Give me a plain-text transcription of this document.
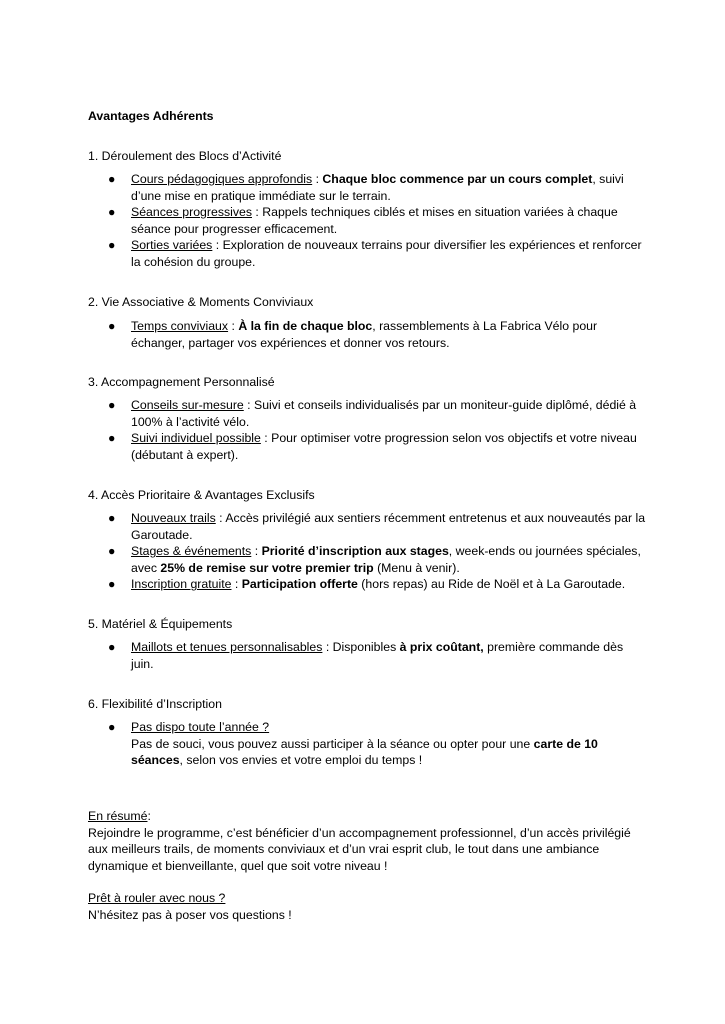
Avantages Adhérents
1. Déroulement des Blocs d’Activité
● Cours pédagogiques approfondis : Chaque bloc commence par un cours complet, suivi d’une mise en pratique immédiate sur le terrain.
● Séances progressives : Rappels techniques ciblés et mises en situation variées à chaque séance pour progresser efficacement.
● Sorties variées : Exploration de nouveaux terrains pour diversifier les expériences et renforcer la cohésion du groupe.
2. Vie Associative & Moments Conviviaux
● Temps conviviaux : À la fin de chaque bloc, rassemblements à La Fabrica Vélo pour échanger, partager vos expériences et donner vos retours.
3. Accompagnement Personnalisé
● Conseils sur-mesure : Suivi et conseils individualisés par un moniteur-guide diplômé, dédié à 100% à l’activité vélo.
● Suivi individuel possible : Pour optimiser votre progression selon vos objectifs et votre niveau (débutant à expert).
4. Accès Prioritaire & Avantages Exclusifs
● Nouveaux trails : Accès privilégié aux sentiers récemment entretenus et aux nouveautés par la Garoutade.
● Stages & événements : Priorité d’inscription aux stages, week-ends ou journées spéciales, avec 25% de remise sur votre premier trip (Menu à venir).
● Inscription gratuite : Participation offerte (hors repas) au Ride de Noël et à La Garoutade.
5. Matériel & Équipements
● Maillots et tenues personnalisables : Disponibles à prix coûtant, première commande dès juin.
6. Flexibilité d’Inscription
● Pas dispo toute l’année ?
Pas de souci, vous pouvez aussi participer à la séance ou opter pour une carte de 10 séances, selon vos envies et votre emploi du temps !

En résumé:

Rejoindre le programme, c’est bénéficier d’un accompagnement professionnel, d’un accès privilégié aux meilleurs trails, de moments conviviaux et d’un vrai esprit club, le tout dans une ambiance dynamique et bienveillante, quel que soit votre niveau !

Prêt à rouler avec nous ?

N’hésitez pas à poser vos questions !
